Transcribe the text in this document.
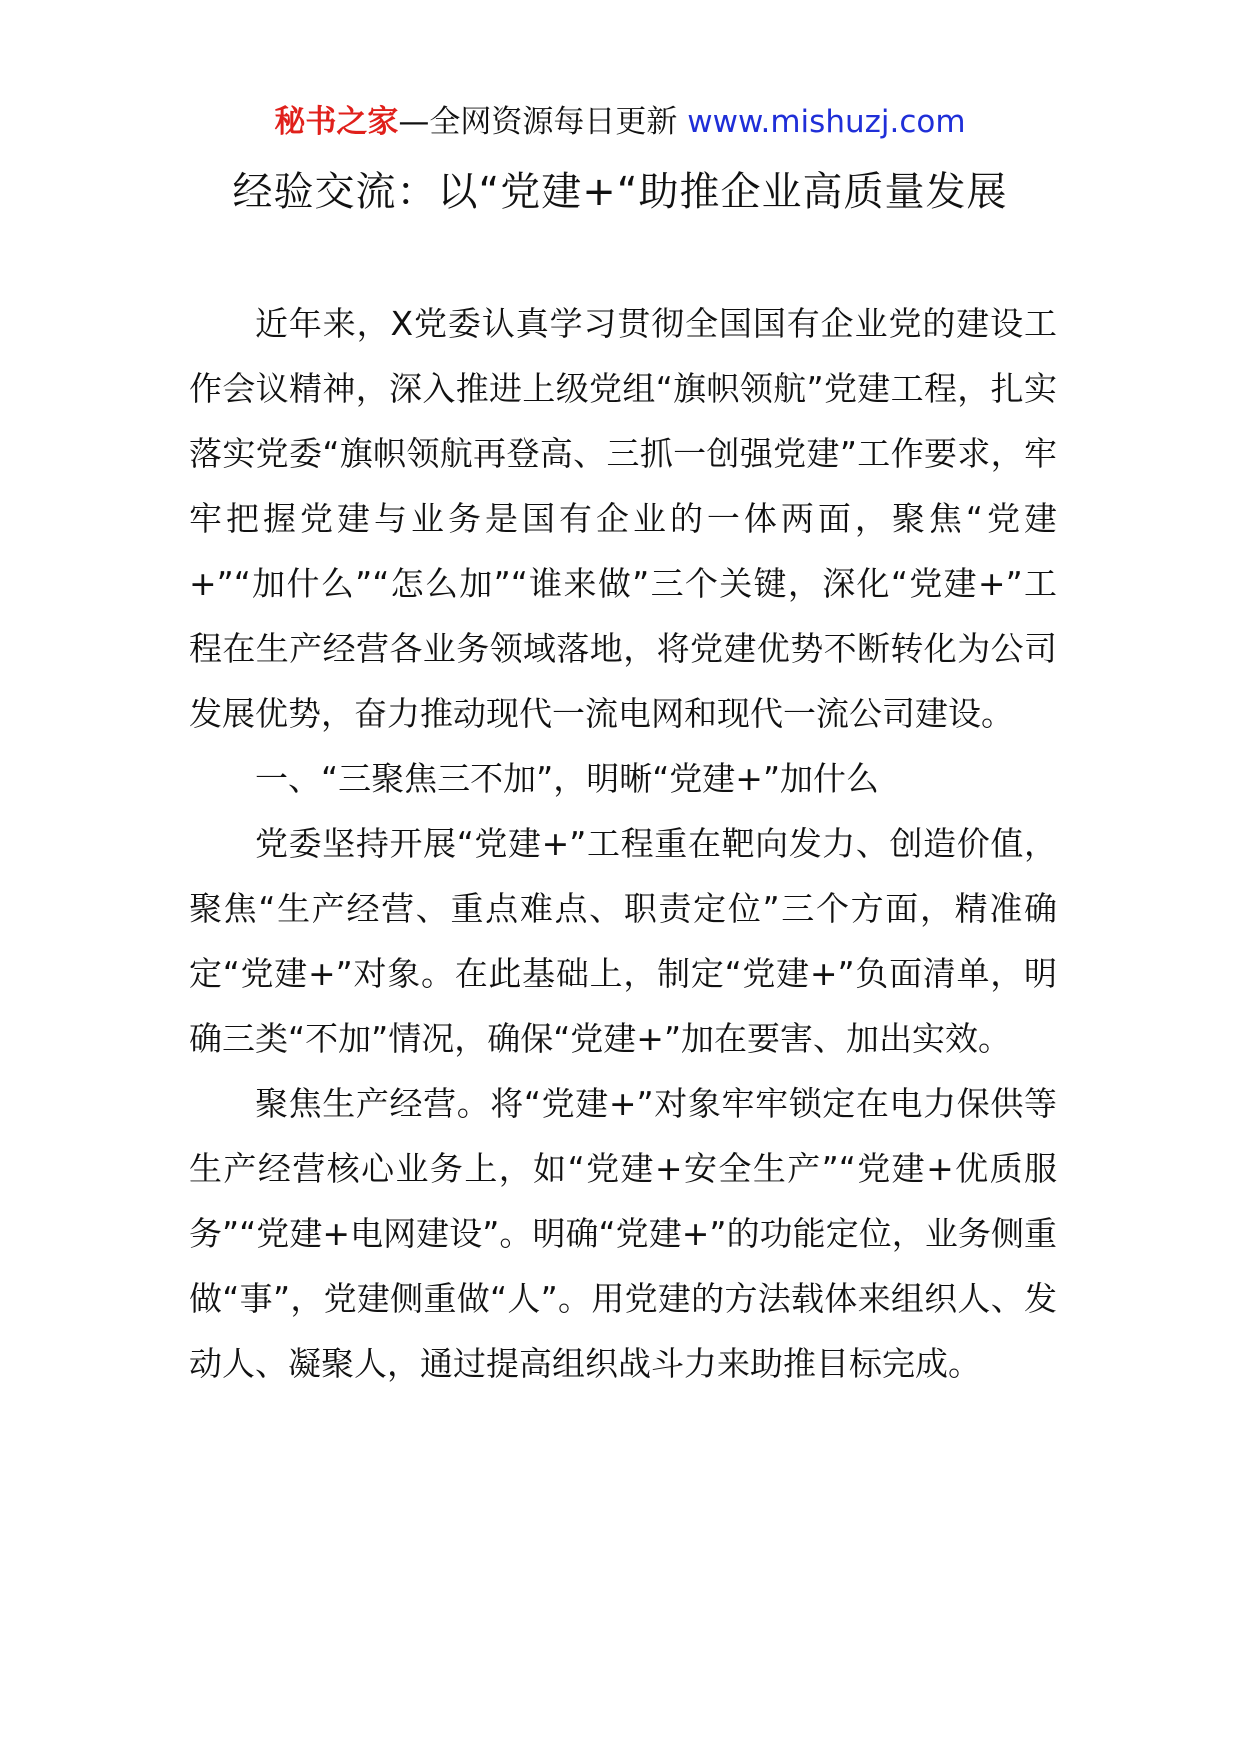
秘书之家—全网资源每日更新 www.mishuzj.com
经验交流：以“党建+“助推企业高质量发展

近年来，X党委认真学习贯彻全国国有企业党的建设工作会议精神，深入推进上级党组“旗帜领航”党建工程，扎实落实党委“旗帜领航再登高、三抓一创强党建”工作要求，牢牢把握党建与业务是国有企业的一体两面，聚焦“党建+”“加什么”“怎么加”“谁来做”三个关键，深化“党建+”工程在生产经营各业务领域落地，将党建优势不断转化为公司发展优势，奋力推动现代一流电网和现代一流公司建设。

一、“三聚焦三不加”，明晰“党建+”加什么

党委坚持开展“党建+”工程重在靶向发力、创造价值，聚焦“生产经营、重点难点、职责定位”三个方面，精准确定“党建+”对象。在此基础上，制定“党建+”负面清单，明确三类“不加”情况，确保“党建+”加在要害、加出实效。

聚焦生产经营。将“党建+”对象牢牢锁定在电力保供等生产经营核心业务上，如“党建+安全生产”“党建+优质服务”“党建+电网建设”。明确“党建+”的功能定位，业务侧重做“事”，党建侧重做“人”。用党建的方法载体来组织人、发动人、凝聚人，通过提高组织战斗力来助推目标完成。
